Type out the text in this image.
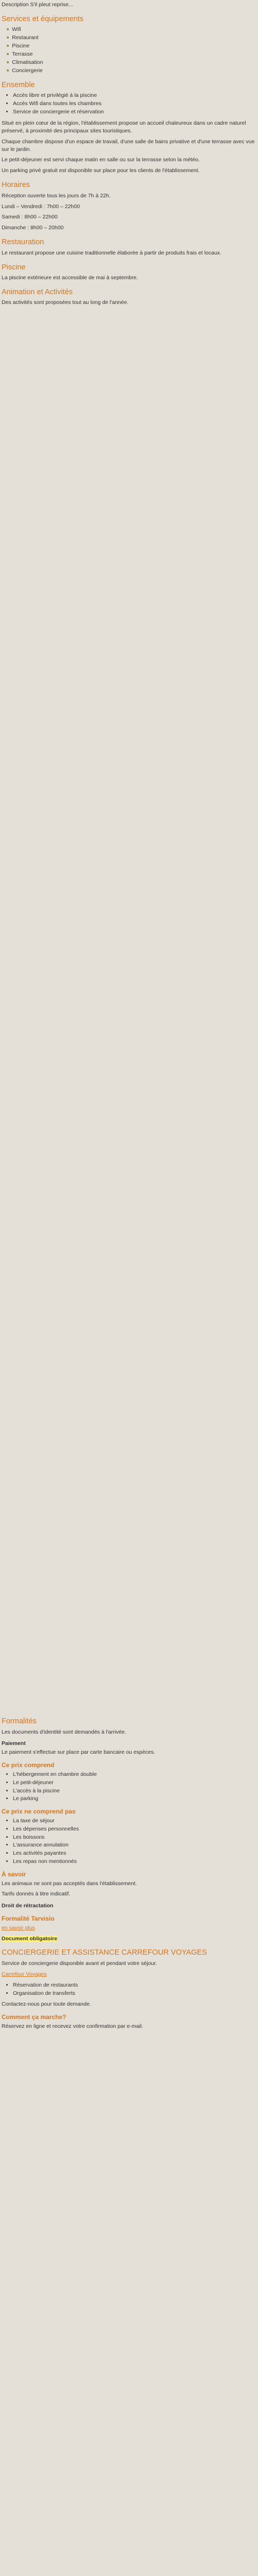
Description S'il pleut reprise...

Services et équipements
■ Wifi
■ Restaurant
■ Piscine
■ Terrasse
■ Climatisation
■ Conciergerie
Ensemble
• Accès libre et privilégié à la piscine
• Accès Wifi dans toutes les chambres
• Service de conciergerie et réservation

Situé en plein cœur de la région, l'établissement propose un accueil chaleureux dans un cadre naturel préservé, à proximité des principaux sites touristiques.

Chaque chambre dispose d'un espace de travail, d'une salle de bains privative et d'une terrasse avec vue sur le jardin.

Le petit-déjeuner est servi chaque matin en salle ou sur la terrasse selon la météo.

Un parking privé gratuit est disponible sur place pour les clients de l'établissement.

Horaires

Réception ouverte tous les jours de 7h à 22h.

Lundi – Vendredi : 7h00 – 22h00

Samedi : 8h00 – 22h00

Dimanche : 8h00 – 20h00

Restauration

Le restaurant propose une cuisine traditionnelle élaborée à partir de produits frais et locaux.

Piscine

La piscine extérieure est accessible de mai à septembre.

Animation et Activités

Des activités sont proposées tout au long de l'année.

Formalités

Les documents d'identité sont demandés à l'arrivée.

Paiement

Le paiement s'effectue sur place par carte bancaire ou espèces.

Ce prix comprend
• L'hébergement en chambre double
• Le petit-déjeuner
• L'accès à la piscine
• Le parking
Ce prix ne comprend pas
• La taxe de séjour
• Les dépenses personnelles
• Les boissons
• L'assurance annulation
• Les activités payantes
• Les repas non mentionnés
À savoir

Les animaux ne sont pas acceptés dans l'établissement.

Tarifs donnés à titre indicatif.

Droit de rétractation
Formalité Tarvisio

en savoir plus

Document obligatoire

CONCIERGERIE ET ASSISTANCE CARREFOUR VOYAGES

Service de conciergerie disponible avant et pendant votre séjour.

Carrefour Voyages

• Réservation de restaurants
• Organisation de transferts

Contactez-nous pour toute demande.

Comment ça marche?

Réservez en ligne et recevez votre confirmation par e-mail.
